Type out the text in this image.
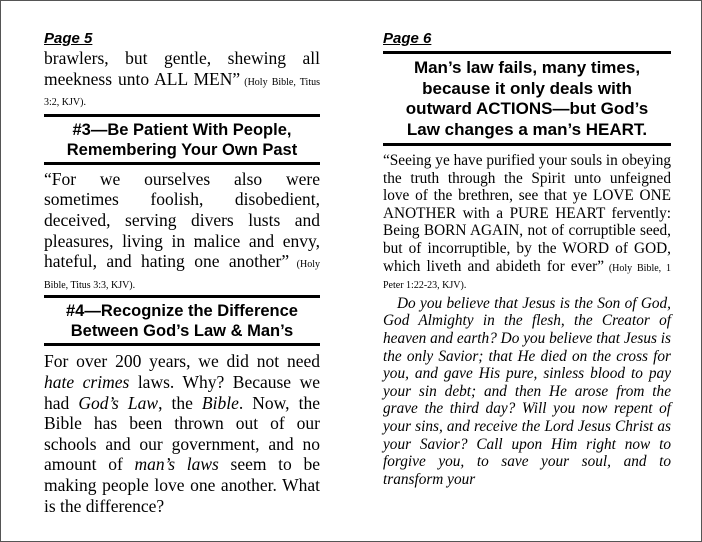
Page 5

brawlers, but gentle, shewing all meekness unto ALL MEN” (Holy Bible, Titus 3:2, KJV).

#3—Be Patient With People,
Remembering Your Own Past

“For we ourselves also were sometimes foolish, disobedient, deceived, serving divers lusts and pleasures, living in malice and envy, hateful, and hating one another” (Holy Bible, Titus 3:3, KJV).

#4—Recognize the Difference
Between God’s Law & Man’s

For over 200 years, we did not need hate crimes laws. Why? Because we had God’s Law, the Bible. Now, the Bible has been thrown out of our schools and our government, and no amount of man’s laws seem to be making people love one another. What is the difference?

Page 6
Man’s law fails, many times,
because it only deals with
outward ACTIONS—but God’s
Law changes a man’s HEART.

“Seeing ye have purified your souls in obeying the truth through the Spirit unto unfeigned love of the brethren, see that ye LOVE ONE ANOTHER with a PURE HEART fervently: Being BORN AGAIN, not of corruptible seed, but of incorruptible, by the WORD of GOD, which liveth and abideth for ever” (Holy Bible, 1 Peter 1:22-23, KJV).

Do you believe that Jesus is the Son of God, God Almighty in the flesh, the Creator of heaven and earth? Do you believe that Jesus is the only Savior; that He died on the cross for you, and gave His pure, sinless blood to pay your sin debt; and then He arose from the grave the third day? Will you now repent of your sins, and receive the Lord Jesus Christ as your Savior? Call upon Him right now to forgive you, to save your soul, and to transform your
